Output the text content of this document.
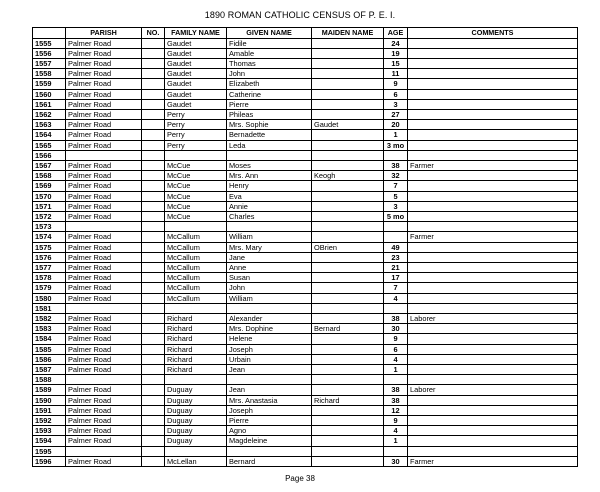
1890 ROMAN CATHOLIC CENSUS OF P. E. I.
	PARISH	NO.	FAMILY NAME	GIVEN NAME	MAIDEN NAME	AGE	COMMENTS
1555	Palmer Road		Gaudet	Fidile		24	
1556	Palmer Road		Gaudet	Amable		19	
1557	Palmer Road		Gaudet	Thomas		15	
1558	Palmer Road		Gaudet	John		11	
1559	Palmer Road		Gaudet	Elizabeth		9	
1560	Palmer Road		Gaudet	Catherine		6	
1561	Palmer Road		Gaudet	Pierre		3	
1562	Palmer Road		Perry	Phileas		27	
1563	Palmer Road		Perry	Mrs. Sophie	Gaudet	20	
1564	Palmer Road		Perry	Bernadette		1	
1565	Palmer Road		Perry	Leda		3 mo	
1566							
1567	Palmer Road		McCue	Moses		38	Farmer
1568	Palmer Road		McCue	Mrs. Ann	Keogh	32	
1569	Palmer Road		McCue	Henry		7	
1570	Palmer Road		McCue	Eva		5	
1571	Palmer Road		McCue	Annie		3	
1572	Palmer Road		McCue	Charles		5 mo	
1573							
1574	Palmer Road		McCallum	William			Farmer
1575	Palmer Road		McCallum	Mrs. Mary	OBrien	49	
1576	Palmer Road		McCallum	Jane		23	
1577	Palmer Road		McCallum	Anne		21	
1578	Palmer Road		McCallum	Susan		17	
1579	Palmer Road		McCallum	John		7	
1580	Palmer Road		McCallum	William		4	
1581							
1582	Palmer Road		Richard	Alexander		38	Laborer
1583	Palmer Road		Richard	Mrs. Dophine	Bernard	30	
1584	Palmer Road		Richard	Helene		9	
1585	Palmer Road		Richard	Joseph		6	
1586	Palmer Road		Richard	Urbain		4	
1587	Palmer Road		Richard	Jean		1	
1588							
1589	Palmer Road		Duguay	Jean		38	Laborer
1590	Palmer Road		Duguay	Mrs. Anastasia	Richard	38	
1591	Palmer Road		Duguay	Joseph		12	
1592	Palmer Road		Duguay	Pierre		9	
1593	Palmer Road		Duguay	Agno		4	
1594	Palmer Road		Duguay	Magdeleine		1	
1595							
1596	Palmer Road		McLellan	Bernard		30	Farmer
Page 38
